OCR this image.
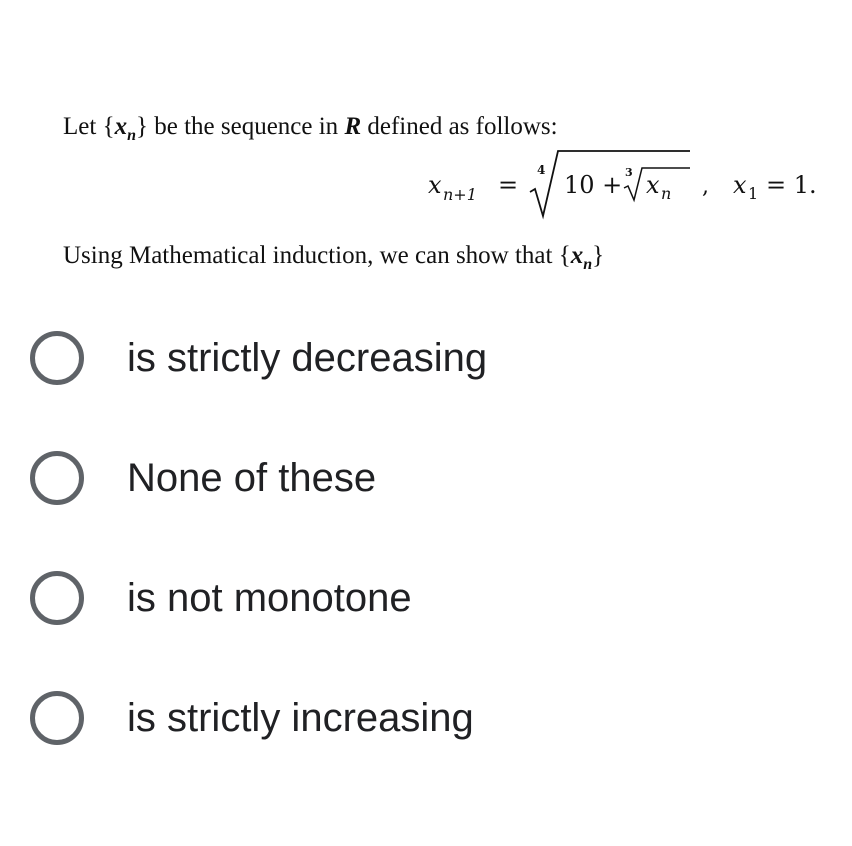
Let $\{x_n\}$ be the sequence in R defined as follows:
x n+1 =
4
10 + 3 x n , x 1 = 1.
Using Mathematical induction, we can show that $\{x_n\}$
is strictly decreasing
None of these
is not monotone
is strictly increasing
